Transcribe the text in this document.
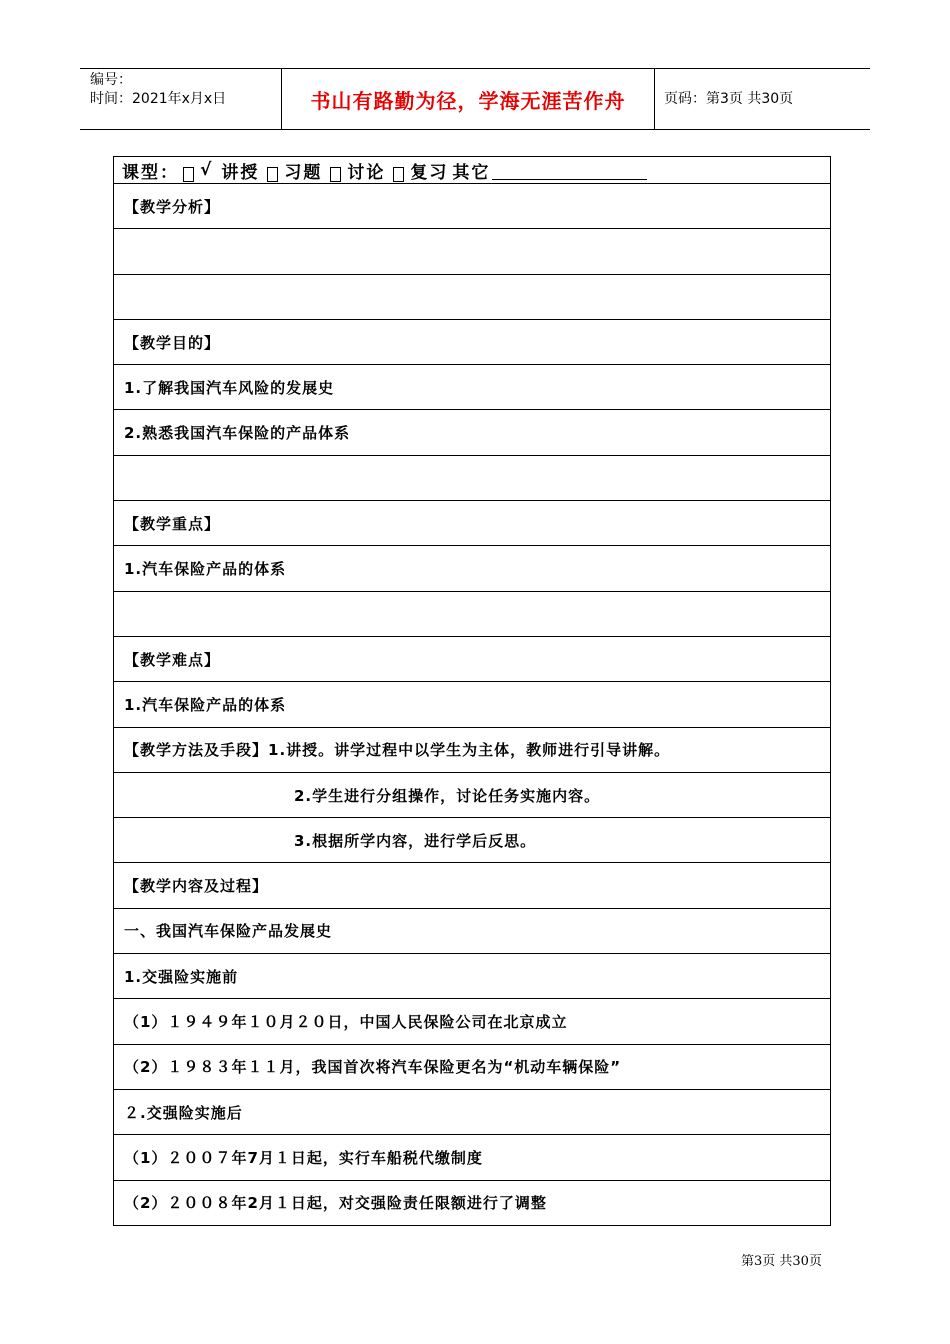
编号：
时间：2021年x月x日	书山有路勤为径，学海无涯苦作舟	页码：第3页 共30页
课型： √ 讲授 习题 讨论 复习 其它
【教学分析】
【教学目的】
1.了解我国汽车风险的发展史
2.熟悉我国汽车保险的产品体系
【教学重点】
1.汽车保险产品的体系
【教学难点】
1.汽车保险产品的体系
【教学方法及手段】1.讲授。讲学过程中以学生为主体，教师进行引导讲解。
2.学生进行分组操作，讨论任务实施内容。
3.根据所学内容，进行学后反思。
【教学内容及过程】
一、我国汽车保险产品发展史
1.交强险实施前
（1）１９４９年１０月２０日，中国人民保险公司在北京成立
（2）１９８３年１１月，我国首次将汽车保险更名为“机动车辆保险”
２.交强险实施后
（1）２００７年7月１日起，实行车船税代缴制度
（2）２００８年2月１日起，对交强险责任限额进行了调整
第3页 共30页
